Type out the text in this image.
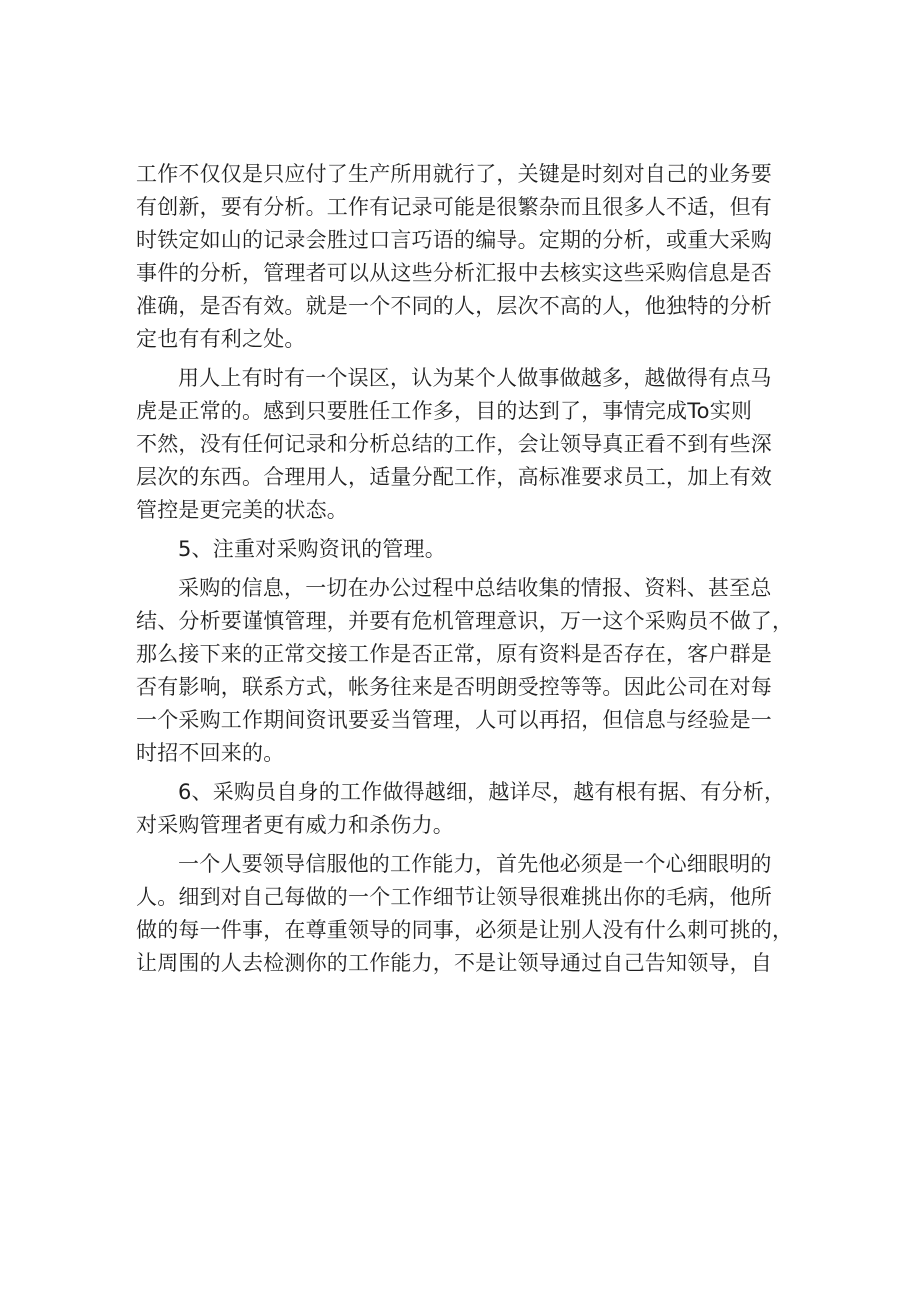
工作不仅仅是只应付了生产所用就行了，关键是时刻对自己的业务要
有创新，要有分析。工作有记录可能是很繁杂而且很多人不适，但有
时铁定如山的记录会胜过口言巧语的编导。定期的分析，或重大采购
事件的分析，管理者可以从这些分析汇报中去核实这些采购信息是否
准确，是否有效。就是一个不同的人，层次不高的人，他独特的分析
定也有有利之处。

用人上有时有一个误区，认为某个人做事做越多，越做得有点马
虎是正常的。感到只要胜任工作多，目的达到了，事情完成To实则
不然，没有任何记录和分析总结的工作，会让领导真正看不到有些深
层次的东西。合理用人，适量分配工作，高标准要求员工，加上有效
管控是更完美的状态。

5、注重对采购资讯的管理。

采购的信息，一切在办公过程中总结收集的情报、资料、甚至总
结、分析要谨慎管理，并要有危机管理意识，万一这个采购员不做了，
那么接下来的正常交接工作是否正常，原有资料是否存在，客户群是
否有影响，联系方式，帐务往来是否明朗受控等等。因此公司在对每
一个采购工作期间资讯要妥当管理，人可以再招，但信息与经验是一
时招不回来的。

6、采购员自身的工作做得越细，越详尽，越有根有据、有分析，
对采购管理者更有威力和杀伤力。

一个人要领导信服他的工作能力，首先他必须是一个心细眼明的
人。细到对自己每做的一个工作细节让领导很难挑出你的毛病，他所
做的每一件事，在尊重领导的同事，必须是让别人没有什么刺可挑的，
让周围的人去检测你的工作能力，不是让领导通过自己告知领导，自
